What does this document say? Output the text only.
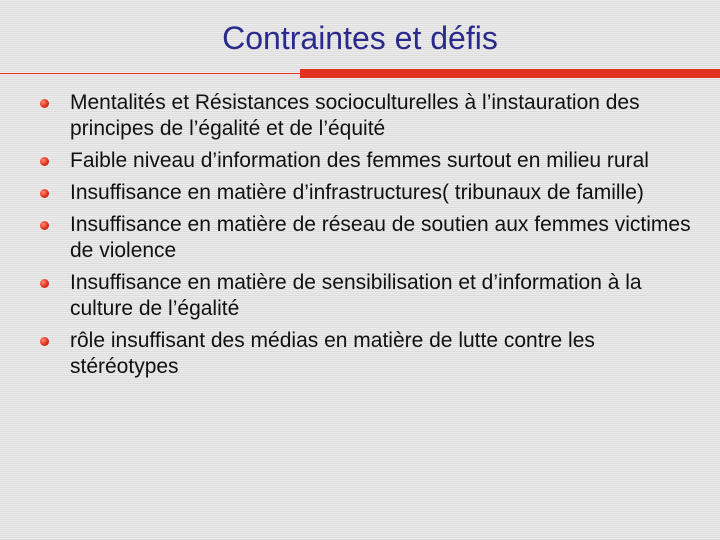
Contraintes et défis
Mentalités et Résistances socioculturelles à l’instauration des principes de l’égalité et de l’équité
Faible niveau d’information des femmes surtout en milieu rural
Insuffisance en matière d’infrastructures( tribunaux de famille)
Insuffisance en matière de réseau de soutien aux femmes victimes de violence
Insuffisance en matière de sensibilisation et d’information à la culture de l’égalité
rôle insuffisant des médias en matière de lutte contre les stéréotypes
